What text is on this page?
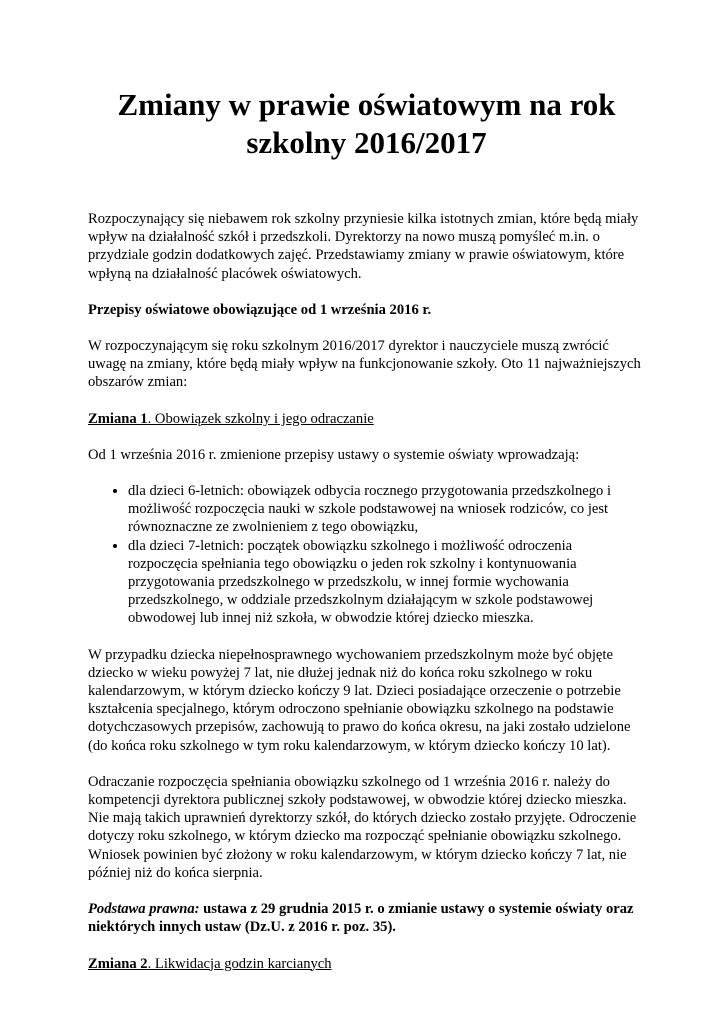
Zmiany w prawie oświatowym na rok szkolny 2016/2017

Rozpoczynający się niebawem rok szkolny przyniesie kilka istotnych zmian, które będą miały wpływ na działalność szkół i przedszkoli. Dyrektorzy na nowo muszą pomyśleć m.in. o przydziale godzin dodatkowych zajęć. Przedstawiamy zmiany w prawie oświatowym, które wpłyną na działalność placówek oświatowych.

Przepisy oświatowe obowiązujące od 1 września 2016 r.

W rozpoczynającym się roku szkolnym 2016/2017 dyrektor i nauczyciele muszą zwrócić uwagę na zmiany, które będą miały wpływ na funkcjonowanie szkoły. Oto 11 najważniejszych obszarów zmian:

Zmiana 1. Obowiązek szkolny i jego odraczanie

Od 1 września 2016 r. zmienione przepisy ustawy o systemie oświaty wprowadzają:

• dla dzieci 6-letnich: obowiązek odbycia rocznego przygotowania przedszkolnego i możliwość rozpoczęcia nauki w szkole podstawowej na wniosek rodziców, co jest równoznaczne ze zwolnieniem z tego obowiązku,
• dla dzieci 7-letnich: początek obowiązku szkolnego i możliwość odroczenia rozpoczęcia spełniania tego obowiązku o jeden rok szkolny i kontynuowania przygotowania przedszkolnego w przedszkolu, w innej formie wychowania przedszkolnego, w oddziale przedszkolnym działającym w szkole podstawowej obwodowej lub innej niż szkoła, w obwodzie której dziecko mieszka.

W przypadku dziecka niepełnosprawnego wychowaniem przedszkolnym może być objęte dziecko w wieku powyżej 7 lat, nie dłużej jednak niż do końca roku szkolnego w roku kalendarzowym, w którym dziecko kończy 9 lat. Dzieci posiadające orzeczenie o potrzebie kształcenia specjalnego, którym odroczono spełnianie obowiązku szkolnego na podstawie dotychczasowych przepisów, zachowują to prawo do końca okresu, na jaki zostało udzielone (do końca roku szkolnego w tym roku kalendarzowym, w którym dziecko kończy 10 lat).

Odraczanie rozpoczęcia spełniania obowiązku szkolnego od 1 września 2016 r. należy do kompetencji dyrektora publicznej szkoły podstawowej, w obwodzie której dziecko mieszka. Nie mają takich uprawnień dyrektorzy szkół, do których dziecko zostało przyjęte. Odroczenie dotyczy roku szkolnego, w którym dziecko ma rozpocząć spełnianie obowiązku szkolnego. Wniosek powinien być złożony w roku kalendarzowym, w którym dziecko kończy 7 lat, nie później niż do końca sierpnia.

Podstawa prawna: ustawa z 29 grudnia 2015 r. o zmianie ustawy o systemie oświaty oraz niektórych innych ustaw (Dz.U. z 2016 r. poz. 35).

Zmiana 2. Likwidacja godzin karcianych
